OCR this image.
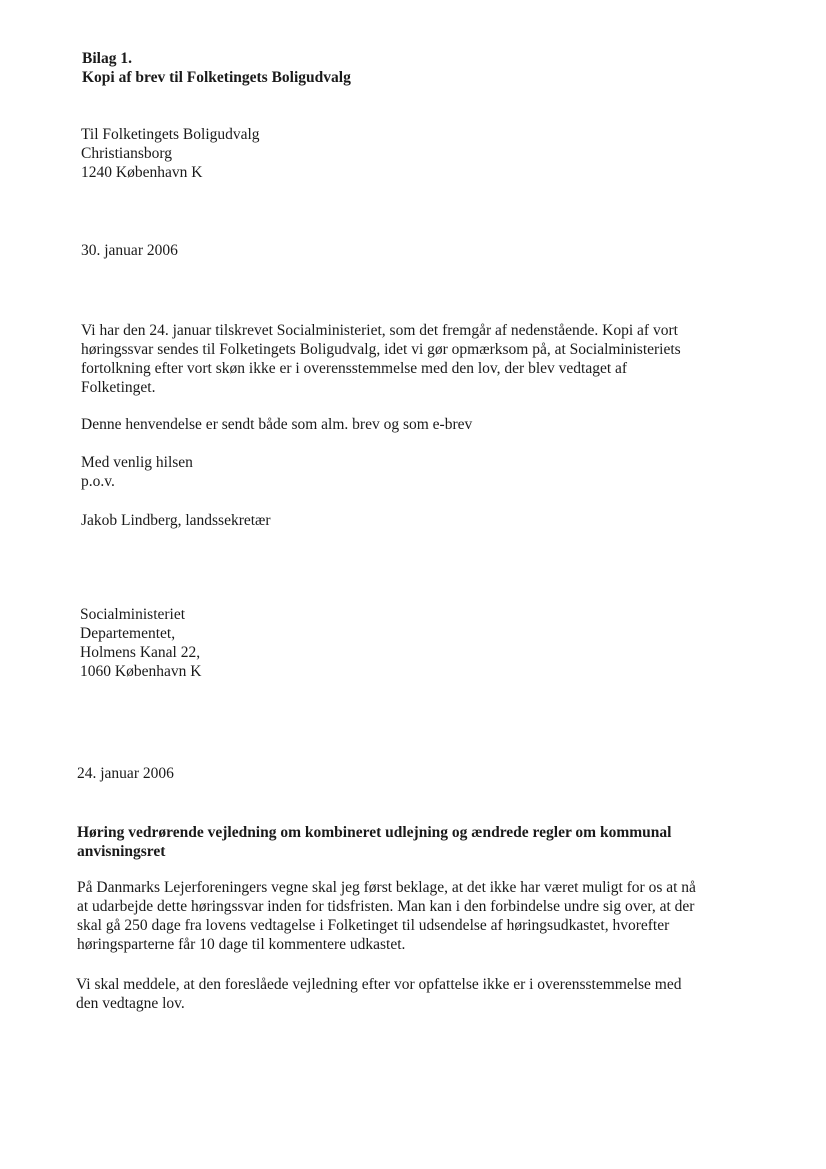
Bilag 1.
Kopi af brev til Folketingets Boligudvalg
Til Folketingets Boligudvalg
Christiansborg
1240 København K
30. januar 2006
Vi har den 24. januar tilskrevet Socialministeriet, som det fremgår af nedenstående. Kopi af vort
høringssvar sendes til Folketingets Boligudvalg, idet vi gør opmærksom på, at Socialministeriets
fortolkning efter vort skøn ikke er i overensstemmelse med den lov, der blev vedtaget af
Folketinget.
Denne henvendelse er sendt både som alm. brev og som e-brev
Med venlig hilsen
p.o.v.
Jakob Lindberg, landssekretær
Socialministeriet
Departementet,
Holmens Kanal 22,
1060 København K
24. januar 2006
Høring vedrørende vejledning om kombineret udlejning og ændrede regler om kommunal
anvisningsret
På Danmarks Lejerforeningers vegne skal jeg først beklage, at det ikke har været muligt for os at nå
at udarbejde dette høringssvar inden for tidsfristen. Man kan i den forbindelse undre sig over, at der
skal gå 250 dage fra lovens vedtagelse i Folketinget til udsendelse af høringsudkastet, hvorefter
høringsparterne får 10 dage til kommentere udkastet.
Vi skal meddele, at den foreslåede vejledning efter vor opfattelse ikke er i overensstemmelse med
den vedtagne lov.
